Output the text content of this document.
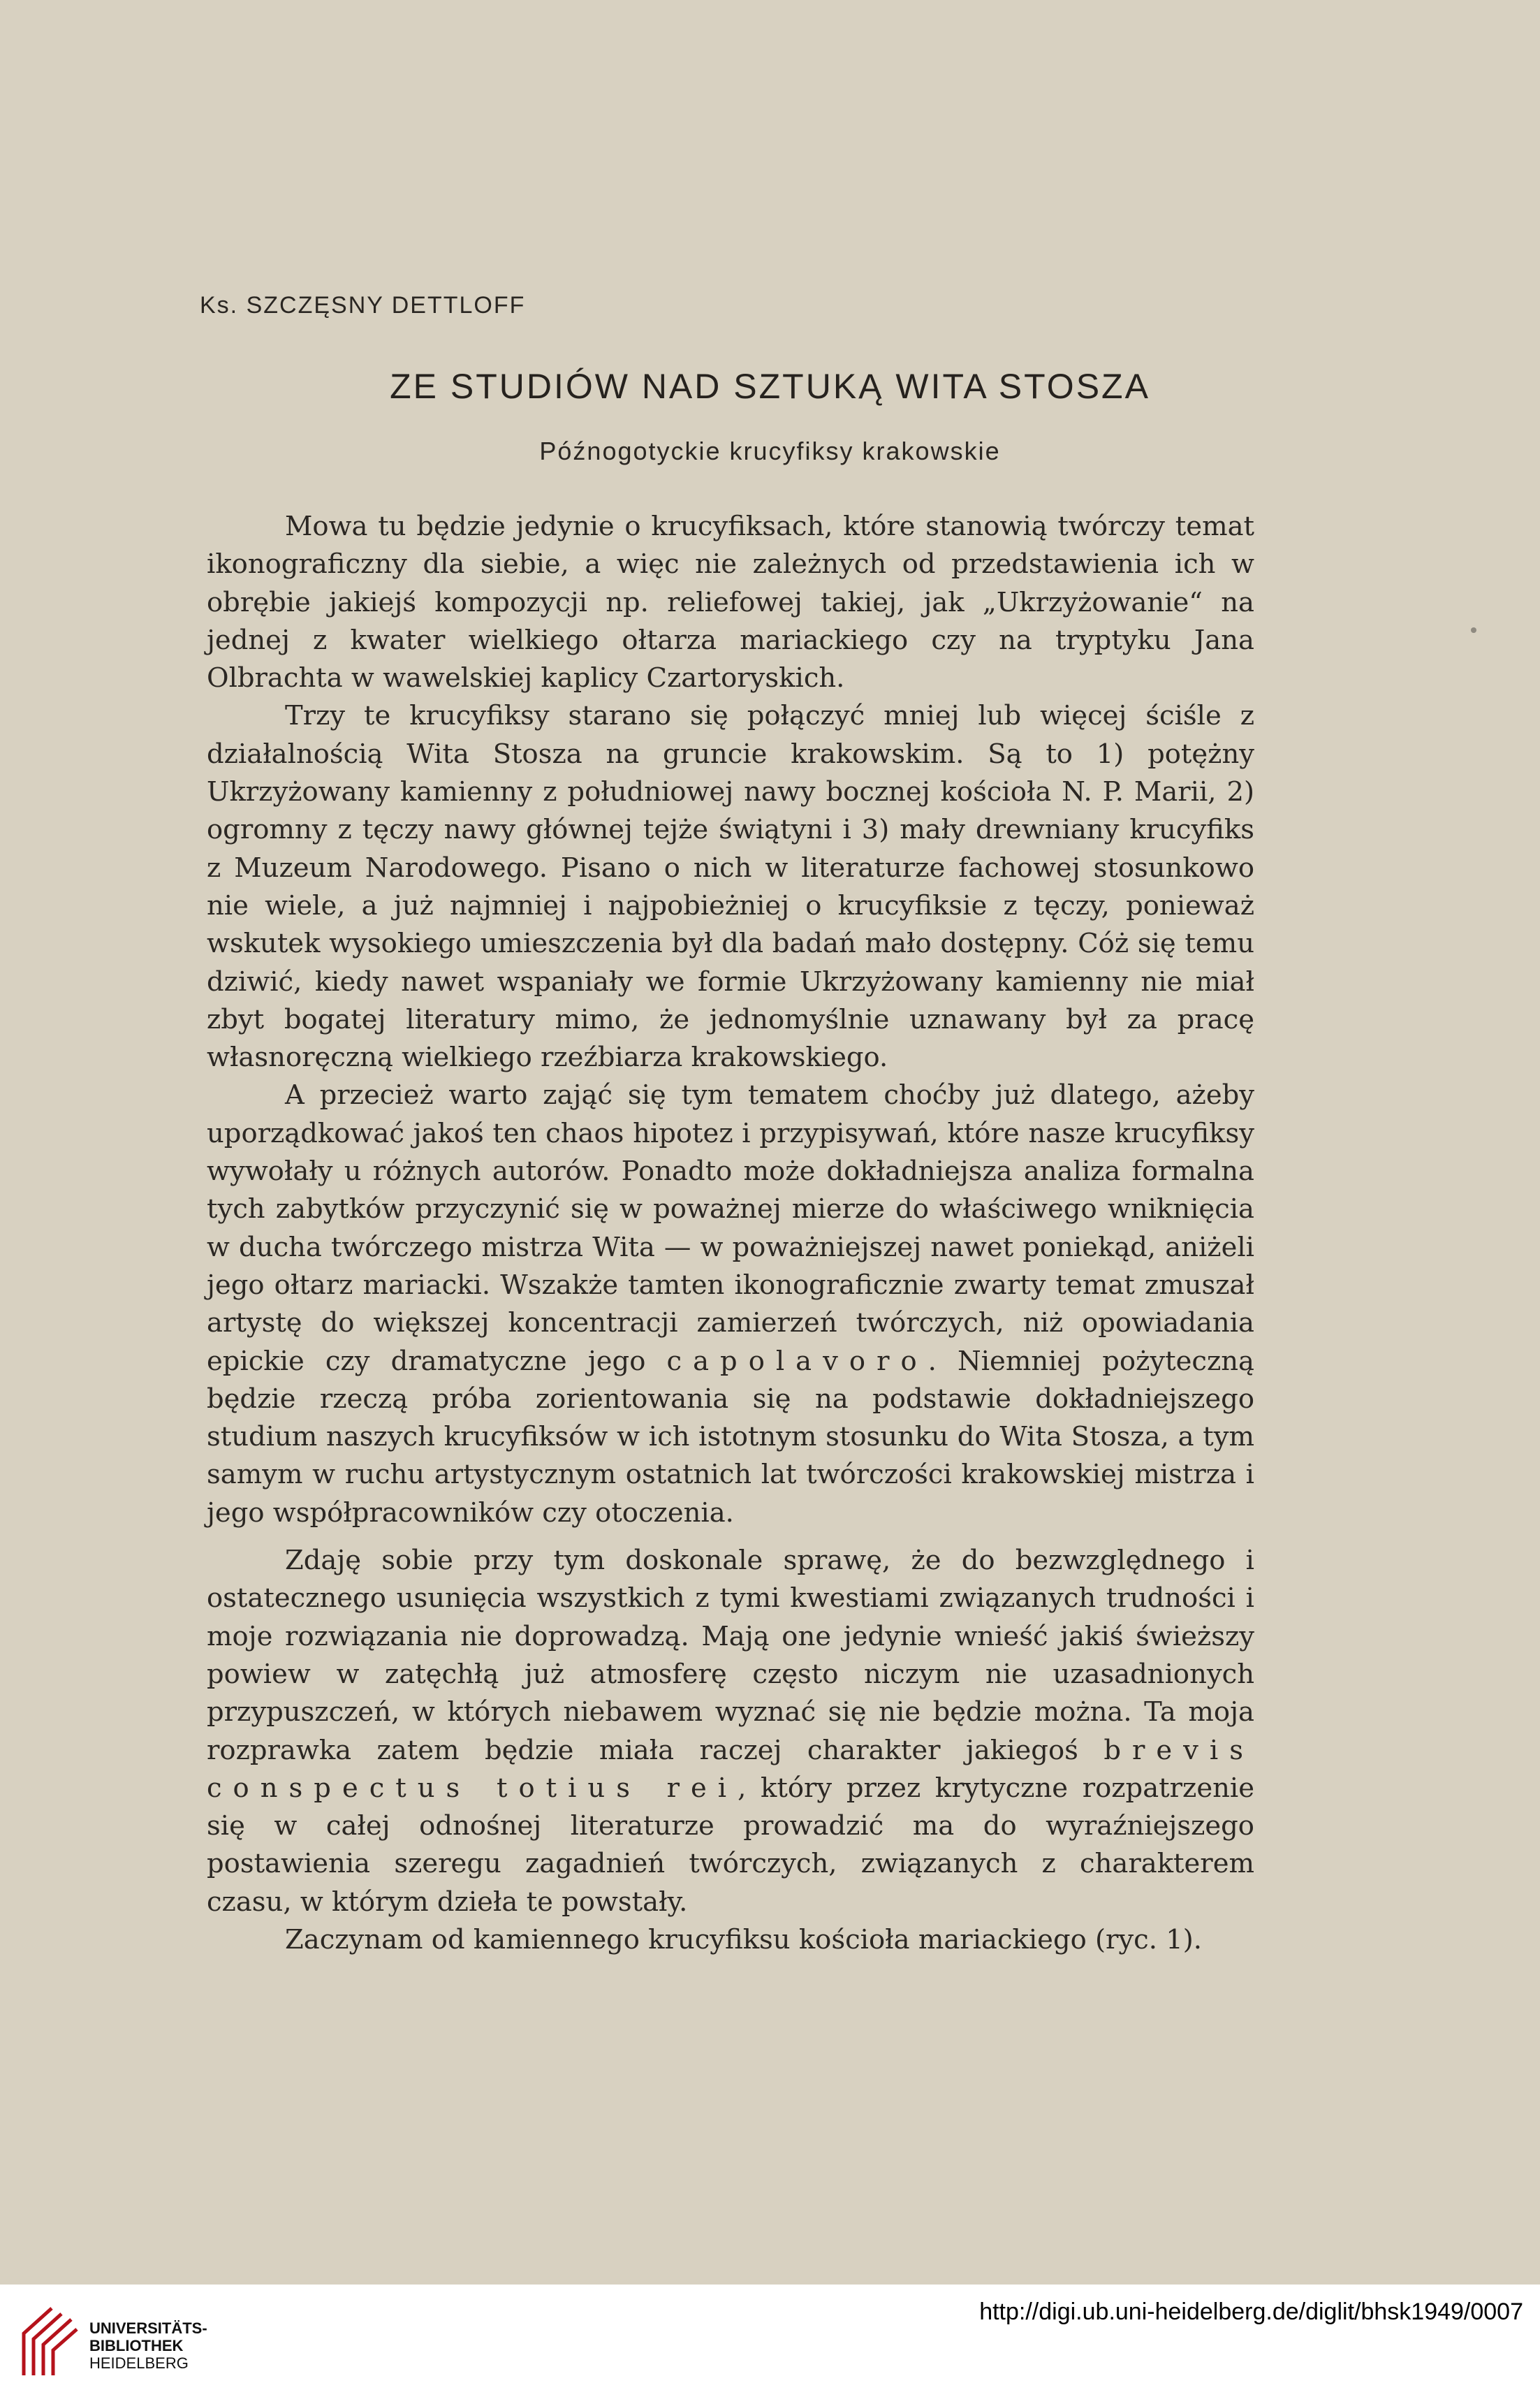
Ks. SZCZĘSNY DETTLOFF
ZE STUDIÓW NAD SZTUKĄ WITA STOSZA
Późnogotyckie krucyfiksy krakowskie

Mowa tu będzie jedynie o krucyfiksach, które stanowią twórczy temat ikonograficzny dla siebie, a więc nie zależnych od przedstawienia ich w obrębie jakiejś kompozycji np. reliefowej takiej, jak „Ukrzyżowanie“ na jednej z kwater wielkiego ołtarza mariackiego czy na tryptyku Jana Olbrachta w wawelskiej kaplicy Czartoryskich.

Trzy te krucyfiksy starano się połączyć mniej lub więcej ściśle z działalnością Wita Stosza na gruncie krakowskim. Są to 1) potężny Ukrzyżowany kamienny z południowej nawy bocznej kościoła N. P. Marii, 2) ogromny z tęczy nawy głównej tejże świątyni i 3) mały drewniany krucyfiks z Muzeum Narodowego. Pisano o nich w literaturze fachowej stosunkowo nie wiele, a już najmniej i najpobieżniej o krucyfiksie z tęczy, ponieważ wskutek wysokiego umieszczenia był dla badań mało dostępny. Cóż się temu dziwić, kiedy nawet wspaniały we formie Ukrzyżowany kamienny nie miał zbyt bogatej literatury mimo, że jednomyślnie uznawany był za pracę własnoręczną wielkiego rzeźbiarza krakowskiego.

A przecież warto zająć się tym tematem choćby już dlatego, ażeby uporządkować jakoś ten chaos hipotez i przypisywań, które nasze krucyfiksy wywołały u różnych autorów. Ponadto może dokładniejsza analiza formalna tych zabytków przyczynić się w poważnej mierze do właściwego wniknięcia w ducha twórczego mistrza Wita — w poważniejszej nawet poniekąd, aniżeli jego ołtarz mariacki. Wszakże tamten ikonograficznie zwarty temat zmuszał artystę do większej koncentracji zamierzeń twórczych, niż opowiadania epickie czy dramatyczne jego capolavoro. Niemniej pożyteczną będzie rzeczą próba zorientowania się na podstawie dokładniejszego studium naszych krucyfiksów w ich istotnym stosunku do Wita Stosza, a tym samym w ruchu artystycznym ostatnich lat twórczości krakowskiej mistrza i jego współpracowników czy otoczenia.

Zdaję sobie przy tym doskonale sprawę, że do bezwzględnego i ostatecznego usunięcia wszystkich z tymi kwestiami związanych trudności i moje rozwiązania nie doprowadzą. Mają one jedynie wnieść jakiś świeższy powiew w zatęchłą już atmosferę często niczym nie uzasadnionych przypuszczeń, w których niebawem wyznać się nie będzie można. Ta moja rozprawka zatem będzie miała raczej charakter jakiegoś brevis conspectus totius rei, który przez krytyczne rozpatrzenie się w całej odnośnej literaturze prowadzić ma do wyraźniejszego postawienia szeregu zagadnień twórczych, związanych z charakterem czasu, w którym dzieła te powstały.

Zaczynam od kamiennego krucyfiksu kościoła mariackiego (ryc. 1).

UNIVERSITÄTS-
BIBLIOTHEK
HEIDELBERG
http://digi.ub.uni-heidelberg.de/diglit/bhsk1949/0007
